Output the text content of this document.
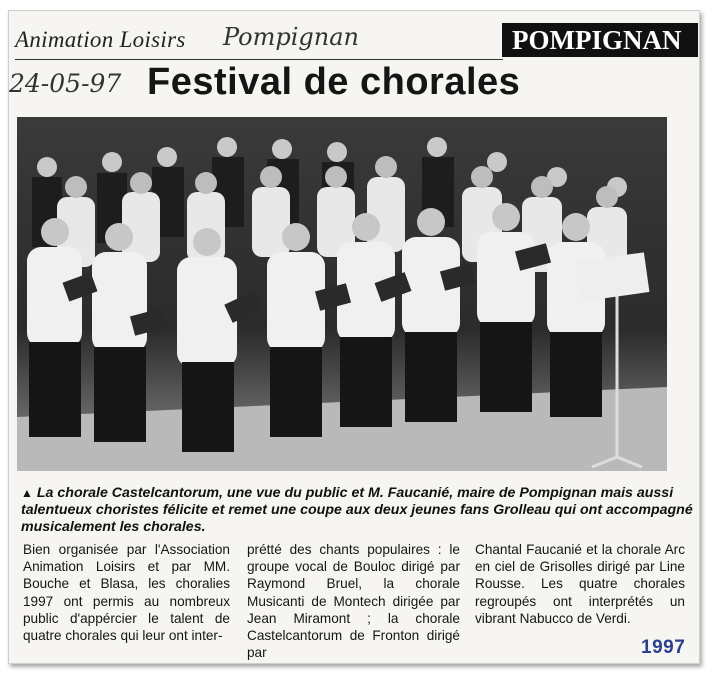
Animation Loisirs Pompignan	POMPIGNAN
24-05-97 Festival de chorales
▲ La chorale Castelcantorum, une vue du public et M. Faucanié, maire de Pompignan mais aussi talentueux choristes félicite et remet une coupe aux deux jeunes fans Grolleau qui ont accompagné musicalement les chorales.
Bien organisée par l'Association Animation Loisirs et par MM. Bouche et Blasa, les choralies 1997 ont permis au nombreux public d'appércier le talent de quatre chorales qui leur ont inter-
prétté des chants populaires : le groupe vocal de Bouloc dirigé par Raymond Bruel, la chorale Musicanti de Montech dirigée par Jean Miramont ; la chorale Castelcantorum de Fronton dirigé par
Chantal Faucanié et la chorale Arc en ciel de Grisolles dirigé par Line Rousse. Les quatre chorales regroupés ont interprétés un vibrant Nabucco de Verdi.
1997
